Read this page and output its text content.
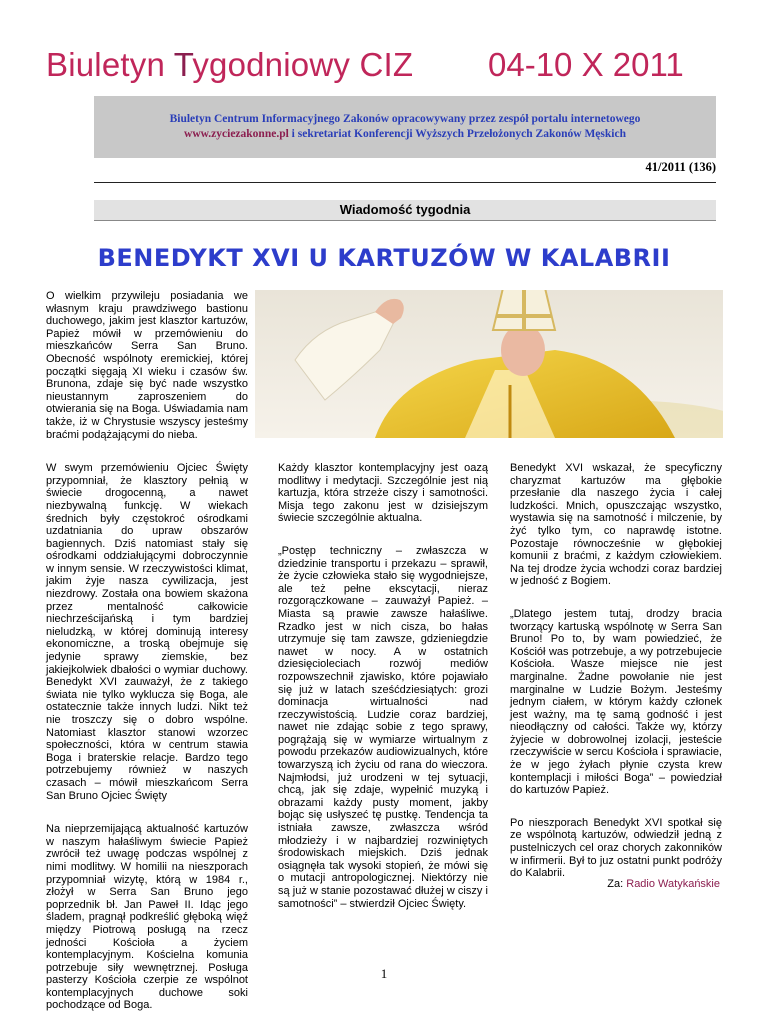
Biuletyn Tygodniowy CIZ 04-10 X 2011
Biuletyn Centrum Informacyjnego Zakonów opracowywany przez zespół portalu internetowego
www.zyciezakonne.pl i sekretariat Konferencji Wyższych Przełożonych Zakonów Męskich
41/2011 (136)
Wiadomość tygodnia
BENEDYKT XVI U KARTUZÓW W KALABRII

O wielkim przywileju posiadania we własnym kraju prawdziwego bastionu duchowego, jakim jest klasztor kartuzów, Papież mówił w przemówieniu do mieszkańców Serra San Bruno. Obecność wspólnoty eremickiej, której początki sięgają XI wieku i czasów św. Brunona, zdaje się być nade wszystko nieustannym zaproszeniem do otwierania się na Boga. Uświadamia nam także, iż w Chrystusie wszyscy jesteśmy braćmi podążającymi do nieba.

W swym przemówieniu Ojciec Święty przypomniał, że klasztory pełnią w świecie drogocenną, a nawet niezbywalną funkcję. W wiekach średnich były częstokroć ośrodkami uzdatniania do upraw obszarów bagiennych. Dziś natomiast stały się ośrodkami oddziałującymi dobroczynnie w innym sensie. W rzeczywistości klimat, jakim żyje nasza cywilizacja, jest niezdrowy. Została ona bowiem skażona przez mentalność całkowicie niechrześcijańską i tym bardziej nieludzką, w której dominują interesy ekonomiczne, a troską obejmuje się jedynie sprawy ziemskie, bez jakiejkolwiek dbałości o wymiar duchowy. Benedykt XVI zauważył, że z takiego świata nie tylko wyklucza się Boga, ale ostatecznie także innych ludzi. Nikt też nie troszczy się o dobro wspólne. Natomiast klasztor stanowi wzorzec społeczności, która w centrum stawia Boga i braterskie relacje. Bardzo tego potrzebujemy również w naszych czasach – mówił mieszkańcom Serra San Bruno Ojciec Święty

Na nieprzemijającą aktualność kartuzów w naszym hałaśliwym świecie Papież zwrócił też uwagę podczas wspólnej z nimi modlitwy. W homilii na nieszporach przypomniał wizytę, którą w 1984 r., złożył w Serra San Bruno jego poprzednik bł. Jan Paweł II. Idąc jego śladem, pragnął podkreślić głęboką więź między Piotrową posługą na rzecz jedności Kościoła a życiem kontemplacyjnym. Kościelna komunia potrzebuje siły wewnętrznej. Posługa pasterzy Kościoła czerpie ze wspólnot kontemplacyjnych duchowe soki pochodzące od Boga.

Każdy klasztor kontemplacyjny jest oazą modlitwy i medytacji. Szczególnie jest nią kartuzja, która strzeże ciszy i samotności. Misja tego zakonu jest w dzisiejszym świecie szczególnie aktualna.

„Postęp techniczny – zwłaszcza w dziedzinie transportu i przekazu – sprawił, że życie człowieka stało się wygodniejsze, ale też pełne ekscytacji, nieraz rozgorączkowane – zauważył Papież. – Miasta są prawie zawsze hałaśliwe. Rzadko jest w nich cisza, bo hałas utrzymuje się tam zawsze, gdzieniegdzie nawet w nocy. A w ostatnich dziesięcioleciach rozwój mediów rozpowszechnił zjawisko, które pojawiało się już w latach sześćdziesiątych: grozi dominacja wirtualności nad rzeczywistością. Ludzie coraz bardziej, nawet nie zdając sobie z tego sprawy, pogrążają się w wymiarze wirtualnym z powodu przekazów audiowizualnych, które towarzyszą ich życiu od rana do wieczora. Najmłodsi, już urodzeni w tej sytuacji, chcą, jak się zdaje, wypełnić muzyką i obrazami każdy pusty moment, jakby bojąc się usłyszeć tę pustkę. Tendencja ta istniała zawsze, zwłaszcza wśród młodzieży i w najbardziej rozwiniętych środowiskach miejskich. Dziś jednak osiągnęła tak wysoki stopień, że mówi się o mutacji antropologicznej. Niektórzy nie są już w stanie pozostawać dłużej w ciszy i samotności” – stwierdził Ojciec Święty.

Benedykt XVI wskazał, że specyficzny charyzmat kartuzów ma głębokie przesłanie dla naszego życia i całej ludzkości. Mnich, opuszczając wszystko, wystawia się na samotność i milczenie, by żyć tylko tym, co naprawdę istotne. Pozostaje równocześnie w głębokiej komunii z braćmi, z każdym człowiekiem. Na tej drodze życia wchodzi coraz bardziej w jedność z Bogiem.

„Dlatego jestem tutaj, drodzy bracia tworzący kartuską wspólnotę w Serra San Bruno! Po to, by wam powiedzieć, że Kościół was potrzebuje, a wy potrzebujecie Kościoła. Wasze miejsce nie jest marginalne. Żadne powołanie nie jest marginalne w Ludzie Bożym. Jesteśmy jednym ciałem, w którym każdy członek jest ważny, ma tę samą godność i jest nieodłączny od całości. Także wy, którzy żyjecie w dobrowolnej izolacji, jesteście rzeczywiście w sercu Kościoła i sprawiacie, że w jego żyłach płynie czysta krew kontemplacji i miłości Boga” – powiedział do kartuzów Papież.

Po nieszporach Benedykt XVI spotkał się ze wspólnotą kartuzów, odwiedził jedną z pustelniczych cel oraz chorych zakonników w infirmerii. Był to juz ostatni punkt podróży do Kalabrii.

Za: Radio Watykańskie
1
